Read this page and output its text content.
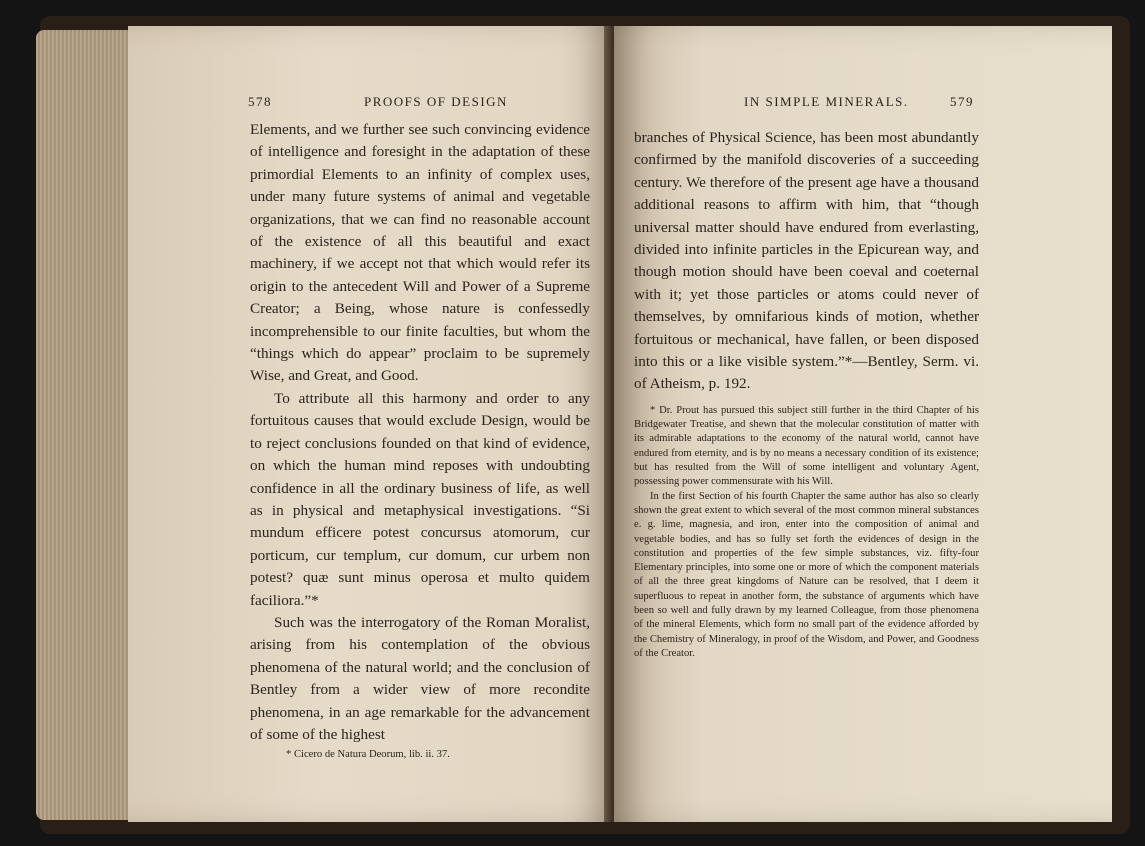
578	PROOFS OF DESIGN

Elements, and we further see such convincing evidence of intelligence and foresight in the adaptation of these primordial Elements to an infinity of complex uses, under many future systems of animal and vegetable organizations, that we can find no reasonable account of the existence of all this beautiful and exact machinery, if we accept not that which would refer its origin to the antecedent Will and Power of a Supreme Creator; a Being, whose nature is confessedly incomprehensible to our finite faculties, but whom the “things which do appear” proclaim to be supremely Wise, and Great, and Good.

To attribute all this harmony and order to any fortuitous causes that would exclude Design, would be to reject conclusions founded on that kind of evidence, on which the human mind reposes with undoubting confidence in all the ordinary business of life, as well as in physical and metaphysical investigations. “Si mundum efficere potest concursus atomorum, cur porticum, cur templum, cur domum, cur urbem non potest? quæ sunt minus operosa et multo quidem faciliora.”*

Such was the interrogatory of the Roman Moralist, arising from his contemplation of the obvious phenomena of the natural world; and the conclusion of Bentley from a wider view of more recondite phenomena, in an age remarkable for the advancement of some of the highest

* Cicero de Natura Deorum, lib. ii. 37.
IN SIMPLE MINERALS.	579

branches of Physical Science, has been most abundantly confirmed by the manifold discoveries of a succeeding century. We therefore of the present age have a thousand additional reasons to affirm with him, that “though universal matter should have endured from everlasting, divided into infinite particles in the Epicurean way, and though motion should have been coeval and coeternal with it; yet those particles or atoms could never of themselves, by omnifarious kinds of motion, whether fortuitous or mechanical, have fallen, or been disposed into this or a like visible system.”*—Bentley, Serm. vi. of Atheism, p. 192.

* Dr. Prout has pursued this subject still further in the third Chapter of his Bridgewater Treatise, and shewn that the molecular constitution of matter with its admirable adaptations to the economy of the natural world, cannot have endured from eternity, and is by no means a necessary condition of its existence; but has resulted from the Will of some intelligent and voluntary Agent, possessing power commensurate with his Will.

In the first Section of his fourth Chapter the same author has also so clearly shown the great extent to which several of the most common mineral substances e. g. lime, magnesia, and iron, enter into the composition of animal and vegetable bodies, and has so fully set forth the evidences of design in the constitution and properties of the few simple substances, viz. fifty-four Elementary principles, into some one or more of which the component materials of all the three great kingdoms of Nature can be resolved, that I deem it superfluous to repeat in another form, the substance of arguments which have been so well and fully drawn by my learned Colleague, from those phenomena of the mineral Elements, which form no small part of the evidence afforded by the Chemistry of Mineralogy, in proof of the Wisdom, and Power, and Goodness of the Creator.
